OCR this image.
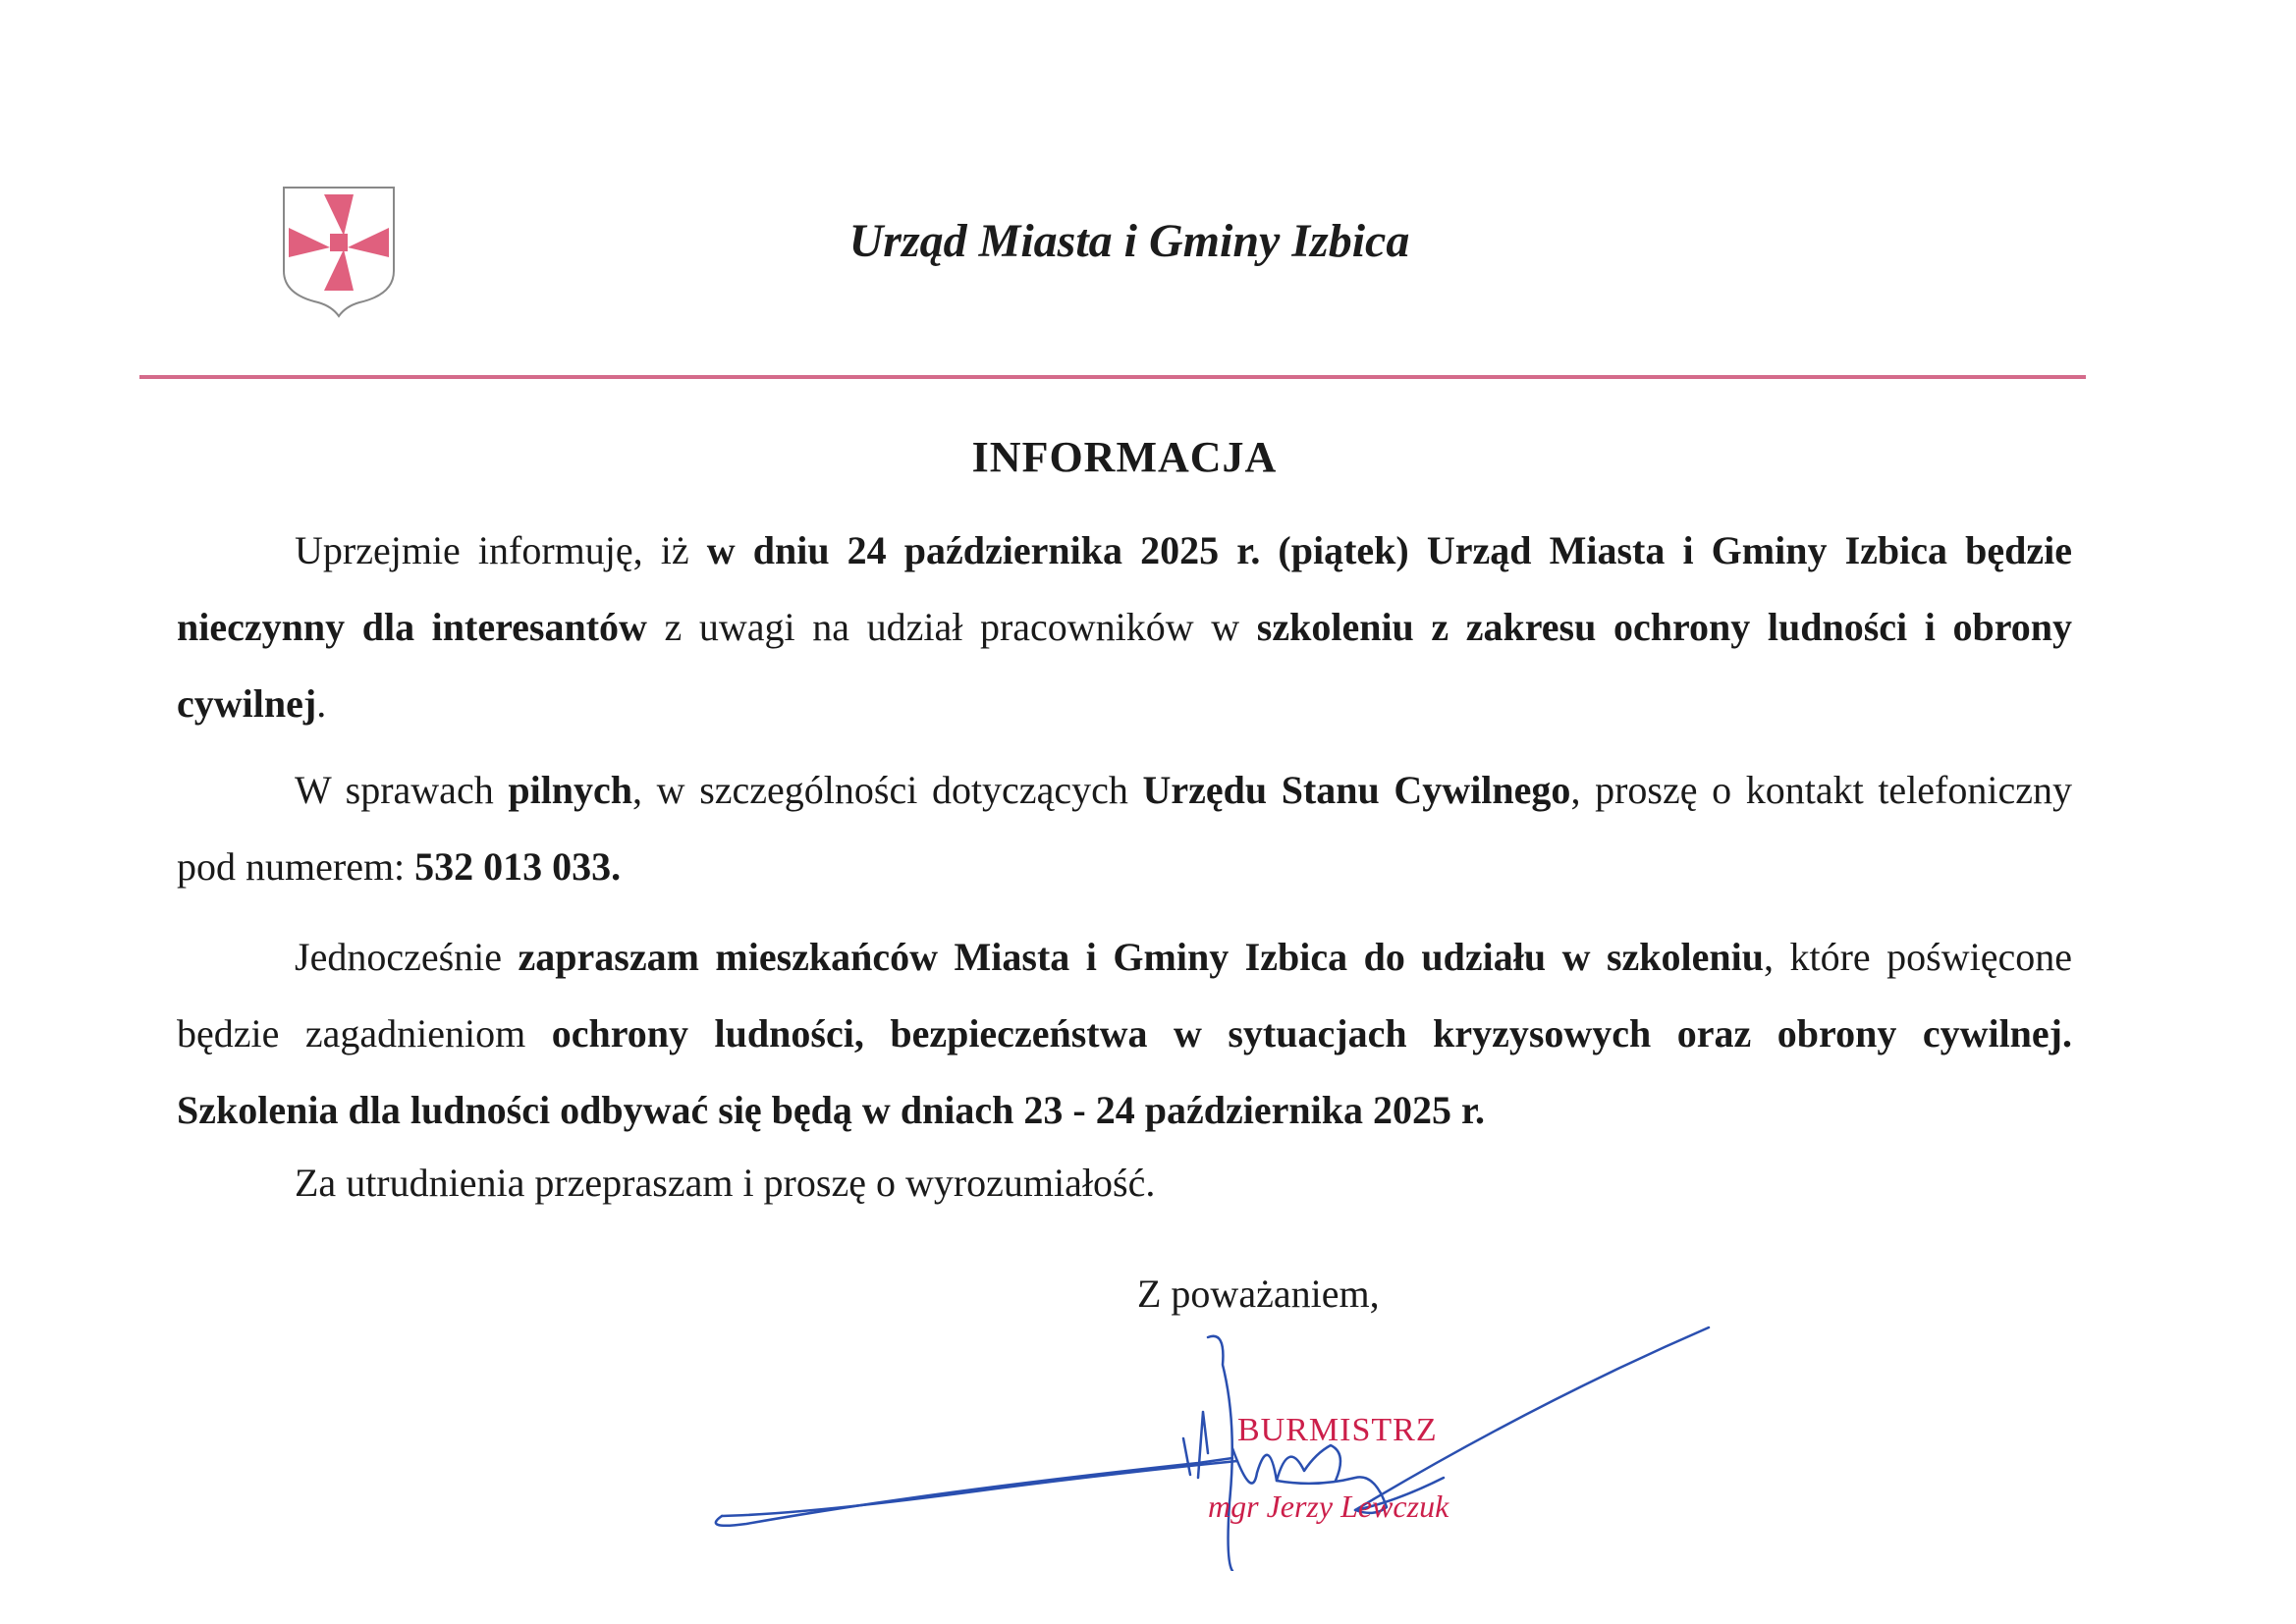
Urząd Miasta i Gminy Izbica
INFORMACJA

Uprzejmie informuję, iż w dniu 24 października 2025 r. (piątek) Urząd Miasta i Gminy Izbica będzie nieczynny dla interesantów z uwagi na udział pracowników w szkoleniu z zakresu ochrony ludności i obrony cywilnej.

W sprawach pilnych, w szczególności dotyczących Urzędu Stanu Cywilnego, proszę o kontakt telefoniczny pod numerem: 532 013 033.

Jednocześnie zapraszam mieszkańców Miasta i Gminy Izbica do udziału w szkoleniu, które poświęcone będzie zagadnieniom ochrony ludności, bezpieczeństwa w sytuacjach kryzysowych oraz obrony cywilnej. Szkolenia dla ludności odbywać się będą w dniach 23 - 24 października 2025 r.

Za utrudnienia przepraszam i proszę o wyrozumiałość.

Z poważaniem,
BURMISTRZ
mgr Jerzy Lewczuk
